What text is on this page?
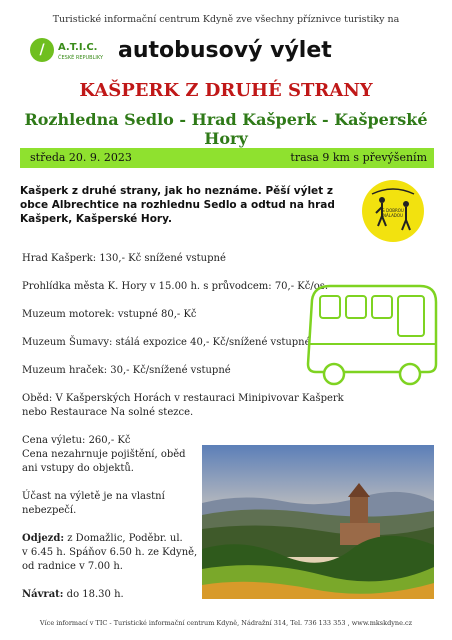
Turistické informační centrum Kdyně zve všechny příznivce turistiky na
/	A.T.I.C.
ČESKÉ REPUBLIKY autobusový výlet
KAŠPERK Z DRUHÉ STRANY
Rozhledna Sedlo - Hrad Kašperk - Kašperské Hory
středa 20. 9. 2023	trasa 9 km s převýšením
Kašperk z druhé strany, jak ho neznáme. Pěší výlet z obce Albrechtice na rozhlednu Sedlo a odtud na hrad Kašperk, Kašperské Hory.
S DOBROU NÁLADOU
Hrad Kašperk: 130,- Kč snížené vstupné
Prohlídka města K. Hory v 15.00 h. s průvodcem: 70,- Kč/os.
Muzeum motorek: vstupné 80,- Kč
Muzeum Šumavy: stálá expozice 40,- Kč/snížené vstupné
Muzeum hraček: 30,- Kč/snížené vstupné
Oběd: V Kašperských Horách v restauraci Minipivovar Kašperk
nebo Restaurace Na solné stezce.
Cena výletu: 260,- Kč
Cena nezahrnuje pojištění, oběd
ani vstupy do objektů.
Účast na výletě je na vlastní
nebezpečí.
Odjezd: z Domažlic, Poděbr. ul.
v 6.45 h. Spáňov 6.50 h. ze Kdyně,
od radnice v 7.00 h.
Návrat: do 18.30 h.
Více informací v TIC - Turistické informační centrum Kdyně, Nádražní 314, Tel. 736 133 353 , www.mkskdyne.cz
